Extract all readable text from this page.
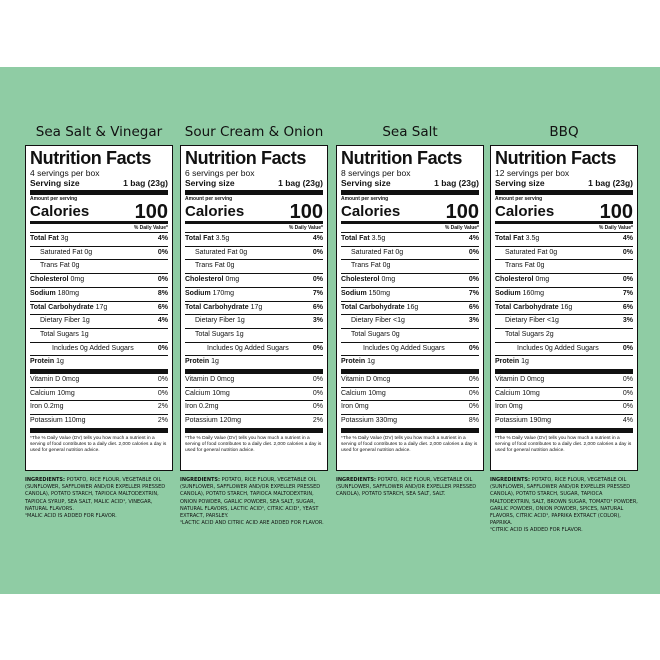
Sea Salt & Vinegar
Nutrition Facts
4 servings per box
Serving size	1 bag (23g)
Amount per serving
Calories 100
% Daily Value*
Total Fat 3g	4%
Saturated Fat 0g	0%
Trans Fat 0g
Cholesterol 0mg	0%
Sodium 180mg	8%
Total Carbohydrate 17g	6%
Dietary Fiber 1g	4%
Total Sugars 1g
Includes 0g Added Sugars	0%
Protein 1g
Vitamin D 0mcg	0%
Calcium 10mg	0%
Iron 0.2mg	2%
Potassium 110mg	2%
*The % Daily Value (DV) tells you how much a nutrient in a serving of food contributes to a daily diet. 2,000 calories a day is used for general nutrition advice.
INGREDIENTS: POTATO, RICE FLOUR, VEGETABLE OIL (SUNFLOWER, SAFFLOWER AND/OR EXPELLER PRESSED CANOLA), POTATO STARCH, TAPIOCA MALTODEXTRIN, TAPIOCA SYRUP, SEA SALT, MALIC ACID¹, VINEGAR, NATURAL FLAVORS.
¹MALIC ACID IS ADDED FOR FLAVOR.
Sour Cream & Onion
Nutrition Facts
6 servings per box
Serving size	1 bag (23g)
Amount per serving
Calories 100
% Daily Value*
Total Fat 3.5g	4%
Saturated Fat 0g	0%
Trans Fat 0g
Cholesterol 0mg	0%
Sodium 170mg	7%
Total Carbohydrate 17g	6%
Dietary Fiber 1g	3%
Total Sugars 1g
Includes 0g Added Sugars	0%
Protein 1g
Vitamin D 0mcg	0%
Calcium 10mg	0%
Iron 0.2mg	0%
Potassium 120mg	2%
*The % Daily Value (DV) tells you how much a nutrient in a serving of food contributes to a daily diet. 2,000 calories a day is used for general nutrition advice.
INGREDIENTS: POTATO, RICE FLOUR, VEGETABLE OIL (SUNFLOWER, SAFFLOWER AND/OR EXPELLER PRESSED CANOLA), POTATO STARCH, TAPIOCA MALTODEXTRIN, ONION POWDER, GARLIC POWDER, SEA SALT, SUGAR, NATURAL FLAVORS, LACTIC ACID¹, CITRIC ACID¹, YEAST EXTRACT, PARSLEY.
¹LACTIC ACID AND CITRIC ACID ARE ADDED FOR FLAVOR.
Sea Salt
Nutrition Facts
8 servings per box
Serving size	1 bag (23g)
Amount per serving
Calories 100
% Daily Value*
Total Fat 3.5g	4%
Saturated Fat 0g	0%
Trans Fat 0g
Cholesterol 0mg	0%
Sodium 150mg	7%
Total Carbohydrate 16g	6%
Dietary Fiber <1g	3%
Total Sugars 0g
Includes 0g Added Sugars	0%
Protein 1g
Vitamin D 0mcg	0%
Calcium 10mg	0%
Iron 0mg	0%
Potassium 330mg	8%
*The % Daily Value (DV) tells you how much a nutrient in a serving of food contributes to a daily diet. 2,000 calories a day is used for general nutrition advice.
INGREDIENTS: POTATO, RICE FLOUR, VEGETABLE OIL (SUNFLOWER, SAFFLOWER AND/OR EXPELLER PRESSED CANOLA), POTATO STARCH, SEA SALT, SALT.

BBQ
Nutrition Facts
12 servings per box
Serving size	1 bag (23g)
Amount per serving
Calories 100
% Daily Value*
Total Fat 3.5g	4%
Saturated Fat 0g	0%
Trans Fat 0g
Cholesterol 0mg	0%
Sodium 160mg	7%
Total Carbohydrate 16g	6%
Dietary Fiber <1g	3%
Total Sugars 2g
Includes 0g Added Sugars	0%
Protein 1g
Vitamin D 0mcg	0%
Calcium 10mg	0%
Iron 0mg	0%
Potassium 190mg	4%
*The % Daily Value (DV) tells you how much a nutrient in a serving of food contributes to a daily diet. 2,000 calories a day is used for general nutrition advice.
INGREDIENTS: POTATO, RICE FLOUR, VEGETABLE OIL (SUNFLOWER, SAFFLOWER AND/OR EXPELLER PRESSED CANOLA), POTATO STARCH, SUGAR, TAPIOCA MALTODEXTRIN, SALT, BROWN SUGAR, TOMATO¹ POWDER, GARLIC POWDER, ONION POWDER, SPICES, NATURAL FLAVORS, CITRIC ACID¹, PAPRIKA EXTRACT (COLOR), PAPRIKA.
¹CITRIC ACID IS ADDED FOR FLAVOR.
